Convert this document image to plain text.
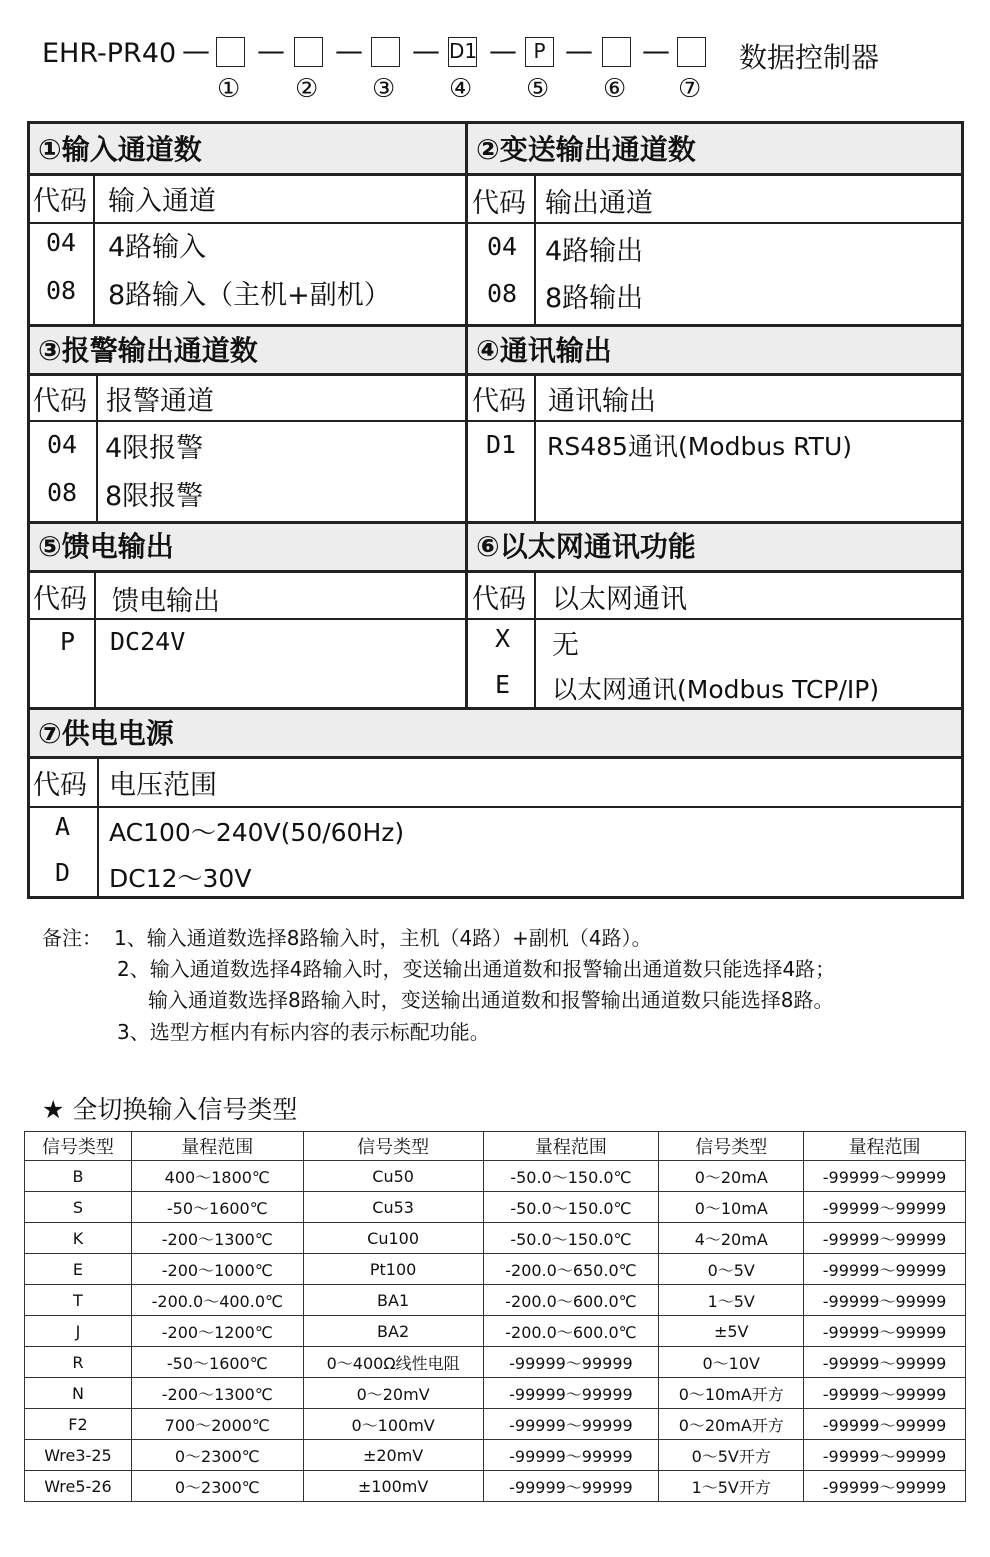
EHR-PR40 — — — — D1 — P — — 数据控制器
① ② ③ ④ ⑤ ⑥ ⑦
①输入通道数	②变送输出通道数
③报警输出通道数	④通讯输出
⑤馈电输出	⑥以太网通讯功能
⑦供电电源
代码 输入通道
04 4路输入
08 8路输入（主机+副机）
代码 输出通道
04 4路输出
08 8路输出
代码 报警通道
04 4限报警
08 8限报警
代码 通讯输出
D1 RS485通讯(Modbus RTU)
代码 馈电输出
P DC24V
代码 以太网通讯
X 无
E 以太网通讯(Modbus TCP/IP)
代码 电压范围
A AC100～240V(50/60Hz)
D DC12～30V
备注： 1、输入通道数选择8路输入时，主机（4路）+副机（4路）。
2、输入通道数选择4路输入时，变送输出通道数和报警输出通道数只能选择4路；
输入通道数选择8路输入时，变送输出通道数和报警输出通道数只能选择8路。
3、选型方框内有标内容的表示标配功能。
★ 全切换输入信号类型
信号类型	量程范围	信号类型	量程范围	信号类型	量程范围
B	400～1800℃	Cu50	-50.0～150.0℃	0～20mA	-99999～99999
S	-50～1600℃	Cu53	-50.0～150.0℃	0～10mA	-99999～99999
K	-200～1300℃	Cu100	-50.0～150.0℃	4～20mA	-99999～99999
E	-200～1000℃	Pt100	-200.0～650.0℃	0～5V	-99999～99999
T	-200.0～400.0℃	BA1	-200.0～600.0℃	1～5V	-99999～99999
J	-200～1200℃	BA2	-200.0～600.0℃	±5V	-99999～99999
R	-50～1600℃	0～400Ω线性电阻	-99999～99999	0～10V	-99999～99999
N	-200～1300℃	0～20mV	-99999～99999	0～10mA开方	-99999～99999
F2	700～2000℃	0～100mV	-99999～99999	0～20mA开方	-99999～99999
Wre3-25	0～2300℃	±20mV	-99999～99999	0～5V开方	-99999～99999
Wre5-26	0～2300℃	±100mV	-99999～99999	1～5V开方	-99999～99999
